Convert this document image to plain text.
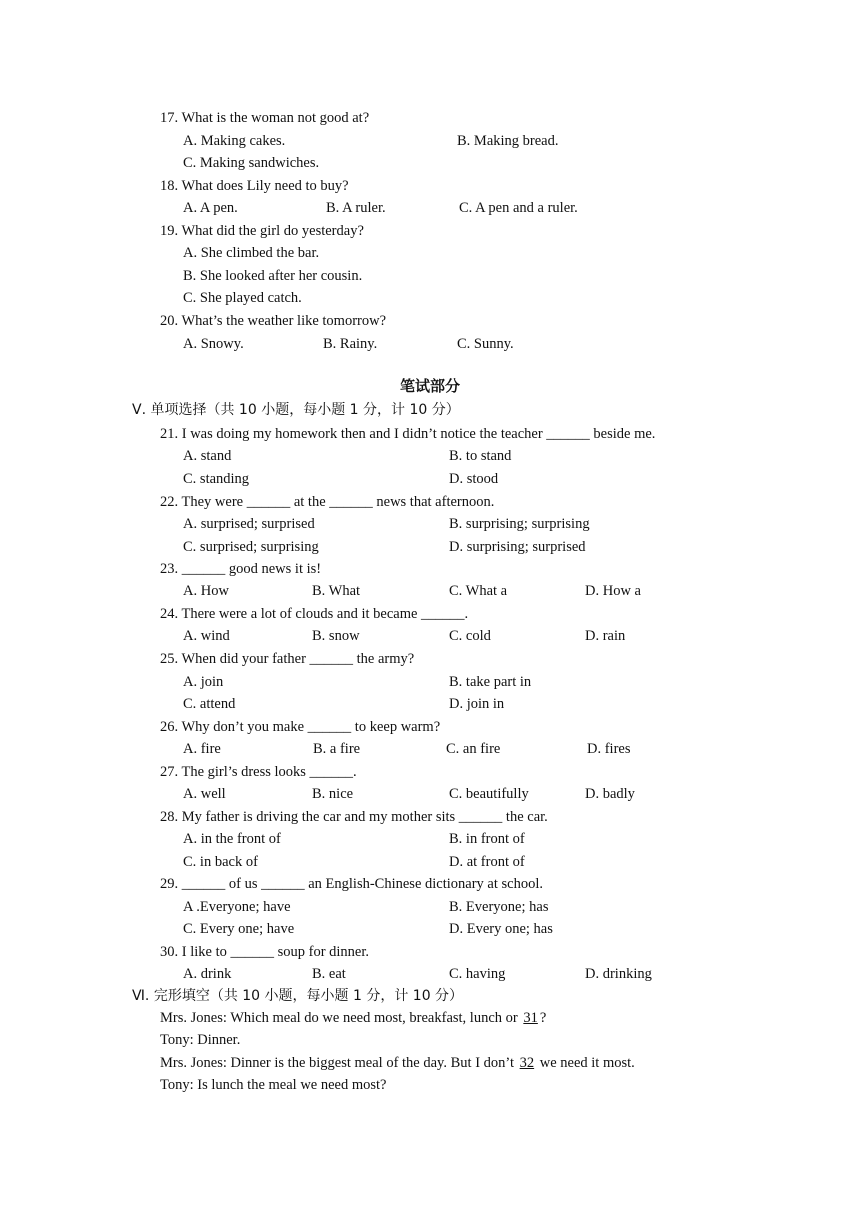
17. What is the woman not good at?
A. Making cakes.	B. Making bread.
C. Making sandwiches.
18. What does Lily need to buy?
A. A pen.	B. A ruler.	C. A pen and a ruler.
19. What did the girl do yesterday?
A. She climbed the bar.
B. She looked after her cousin.
C. She played catch.
20. What’s the weather like tomorrow?
A. Snowy.	B. Rainy.	C. Sunny.
笔试部分
Ⅴ. 单项选择（共 10 小题，每小题 1 分，计 10 分）
21. I was doing my homework then and I didn’t notice the teacher ______ beside me.
A. stand	B. to stand
C. standing	D. stood
22. They were ______ at the ______ news that afternoon.
A. surprised; surprised	B. surprising; surprising
C. surprised; surprising	D. surprising; surprised
23. ______ good news it is!
A. How	B. What	C. What a	D. How a
24. There were a lot of clouds and it became ______.
A. wind	B. snow	C. cold	D. rain
25. When did your father ______ the army?
A. join	B. take part in
C. attend	D. join in
26. Why don’t you make ______ to keep warm?
A. fire	B. a fire	C. an fire	D. fires
27. The girl’s dress looks ______.
A. well	B. nice	C. beautifully	D. badly
28. My father is driving the car and my mother sits ______ the car.
A. in the front of	B. in front of
C. in back of	D. at front of
29. ______ of us ______ an English-Chinese dictionary at school.
A .Everyone; have	B. Everyone; has
C. Every one; have	D. Every one; has
30. I like to ______ soup for dinner.
A. drink	B. eat	C. having	D. drinking
Ⅵ. 完形填空（共 10 小题，每小题 1 分，计 10 分）
Mrs. Jones: Which meal do we need most, breakfast, lunch or 31 ?
Tony: Dinner.
Mrs. Jones: Dinner is the biggest meal of the day. But I don’t 32 we need it most.
Tony: Is lunch the meal we need most?
